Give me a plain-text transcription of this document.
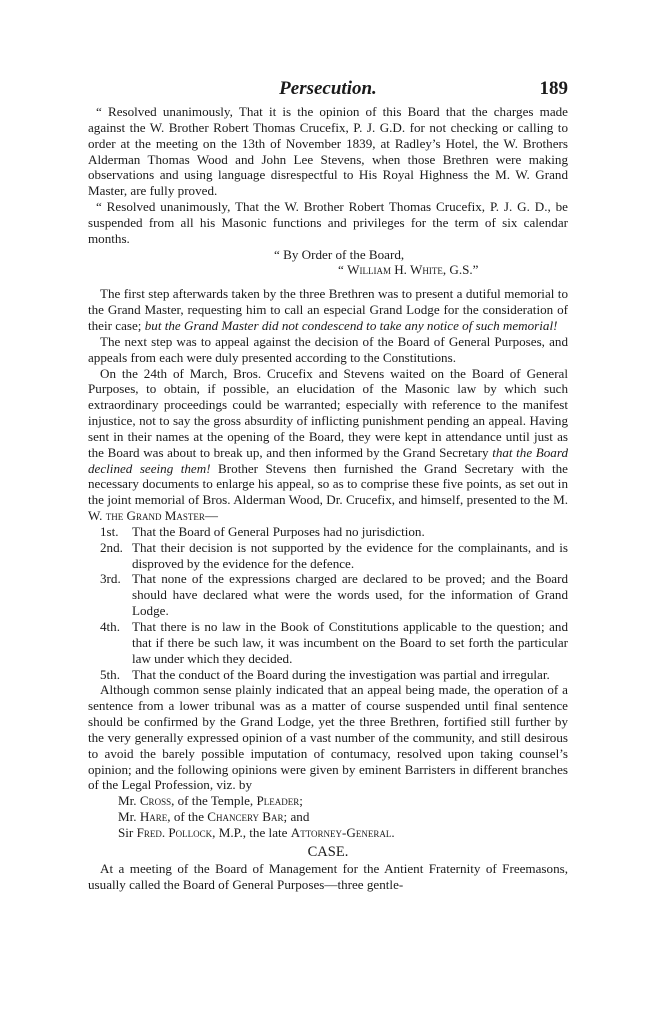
Persecution.	189

“ Resolved unanimously, That it is the opinion of this Board that the charges made against the W. Brother Robert Thomas Crucefix, P. J. G.D. for not checking or calling to order at the meeting on the 13th of November 1839, at Radley’s Hotel, the W. Brothers Alderman Thomas Wood and John Lee Stevens, when those Brethren were making observations and using language disrespectful to His Royal Highness the M. W. Grand Master, are fully proved.

“ Resolved unanimously, That the W. Brother Robert Thomas Crucefix, P. J. G. D., be suspended from all his Masonic functions and privileges for the term of six calendar months.

“ By Order of the Board,

“ William H. White, G.S.”

The first step afterwards taken by the three Brethren was to present a dutiful memorial to the Grand Master, requesting him to call an especial Grand Lodge for the consideration of their case; but the Grand Master did not condescend to take any notice of such memorial!

The next step was to appeal against the decision of the Board of General Purposes, and appeals from each were duly presented according to the Constitutions.

On the 24th of March, Bros. Crucefix and Stevens waited on the Board of General Purposes, to obtain, if possible, an elucidation of the Masonic law by which such extraordinary proceedings could be warranted; especially with reference to the manifest injustice, not to say the gross absurdity of inflicting punishment pending an appeal. Having sent in their names at the opening of the Board, they were kept in attendance until just as the Board was about to break up, and then informed by the Grand Secretary that the Board declined seeing them! Brother Stevens then furnished the Grand Secretary with the necessary documents to enlarge his appeal, so as to comprise these five points, as set out in the joint memorial of Bros. Alderman Wood, Dr. Crucefix, and himself, presented to the M. W. the Grand Master—

1st.	That the Board of General Purposes had no jurisdiction.
2nd. That their decision is not supported by the evidence for the complainants, and is disproved by the evidence for the defence.
3rd. That none of the expressions charged are declared to be proved; and the Board should have declared what were the words used, for the information of Grand Lodge.
4th. That there is no law in the Book of Constitutions applicable to the question; and that if there be such law, it was incumbent on the Board to set forth the particular law under which they decided.
5th. That the conduct of the Board during the investigation was partial and irregular.

Although common sense plainly indicated that an appeal being made, the operation of a sentence from a lower tribunal was as a matter of course suspended until final sentence should be confirmed by the Grand Lodge, yet the three Brethren, fortified still further by the very generally expressed opinion of a vast number of the community, and still desirous to avoid the barely possible imputation of contumacy, resolved upon taking counsel’s opinion; and the following opinions were given by eminent Barristers in different branches of the Legal Profession, viz. by

Mr. Cross, of the Temple, Pleader;

Mr. Hare, of the Chancery Bar; and

Sir Fred. Pollock, M.P., the late Attorney-General.

CASE.

At a meeting of the Board of Management for the Antient Fraternity of Freemasons, usually called the Board of General Purposes—three gentle-
